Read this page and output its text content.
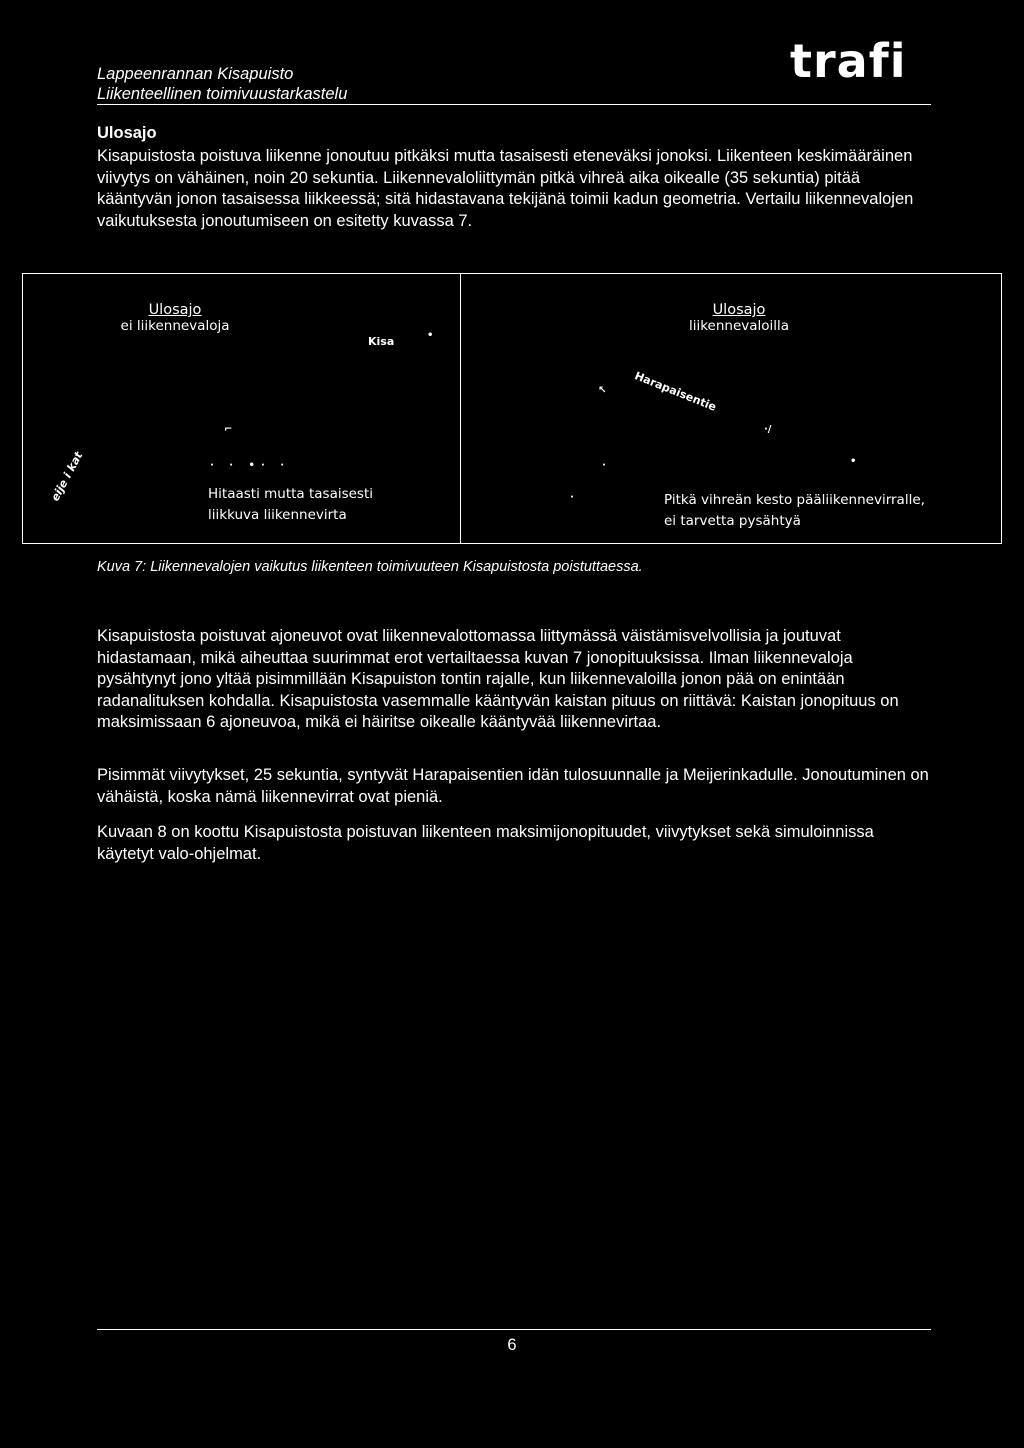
Lappeenrannan Kisapuisto
Liikenteellinen toimivuustarkastelu
trafi
Ulosajo
Kisapuistosta poistuva liikenne jonoutuu pitkäksi mutta tasaisesti eteneväksi jonoksi. Liikenteen keskimääräinen viivytys on vähäinen, noin 20 sekuntia. Liikennevaloliittymän pitkä vihreä aika oikealle (35 sekuntia) pitää kääntyvän jonon tasaisessa liikkeessä; sitä hidastavana tekijänä toimii kadun geometria. Vertailu liikennevalojen vaikutuksesta jonoutumiseen on esitetty kuvassa 7.
Ulosajo
ei liikennevaloja
Kisa	•
⌐
· · •· ·
eije i kat	Hitaasti mutta tasaisesti
liikkuva liikennevirta
Ulosajo
liikennevaloilla
Harapaisentie
↖
·/
•
·
·	Pitkä vihreän kesto pääliikennevirralle,
ei tarvetta pysähtyä
Kuva 7: Liikennevalojen vaikutus liikenteen toimivuuteen Kisapuistosta poistuttaessa.
Kisapuistosta poistuvat ajoneuvot ovat liikennevalottomassa liittymässä väistämisvelvollisia ja joutuvat hidastamaan, mikä aiheuttaa suurimmat erot vertailtaessa kuvan 7 jonopituuksissa. Ilman liikennevaloja pysähtynyt jono yltää pisimmillään Kisapuiston tontin rajalle, kun liikennevaloilla jonon pää on enintään radanalituksen kohdalla. Kisapuistosta vasemmalle kääntyvän kaistan pituus on riittävä: Kaistan jonopituus on maksimissaan 6 ajoneuvoa, mikä ei häiritse oikealle kääntyvää liikennevirtaa.
Pisimmät viivytykset, 25 sekuntia, syntyvät Harapaisentien idän tulosuunnalle ja Meijerinkadulle. Jonoutuminen on vähäistä, koska nämä liikennevirrat ovat pieniä.
Kuvaan 8 on koottu Kisapuistosta poistuvan liikenteen maksimijonopituudet, viivytykset sekä simuloinnissa käytetyt valo-ohjelmat.
6
